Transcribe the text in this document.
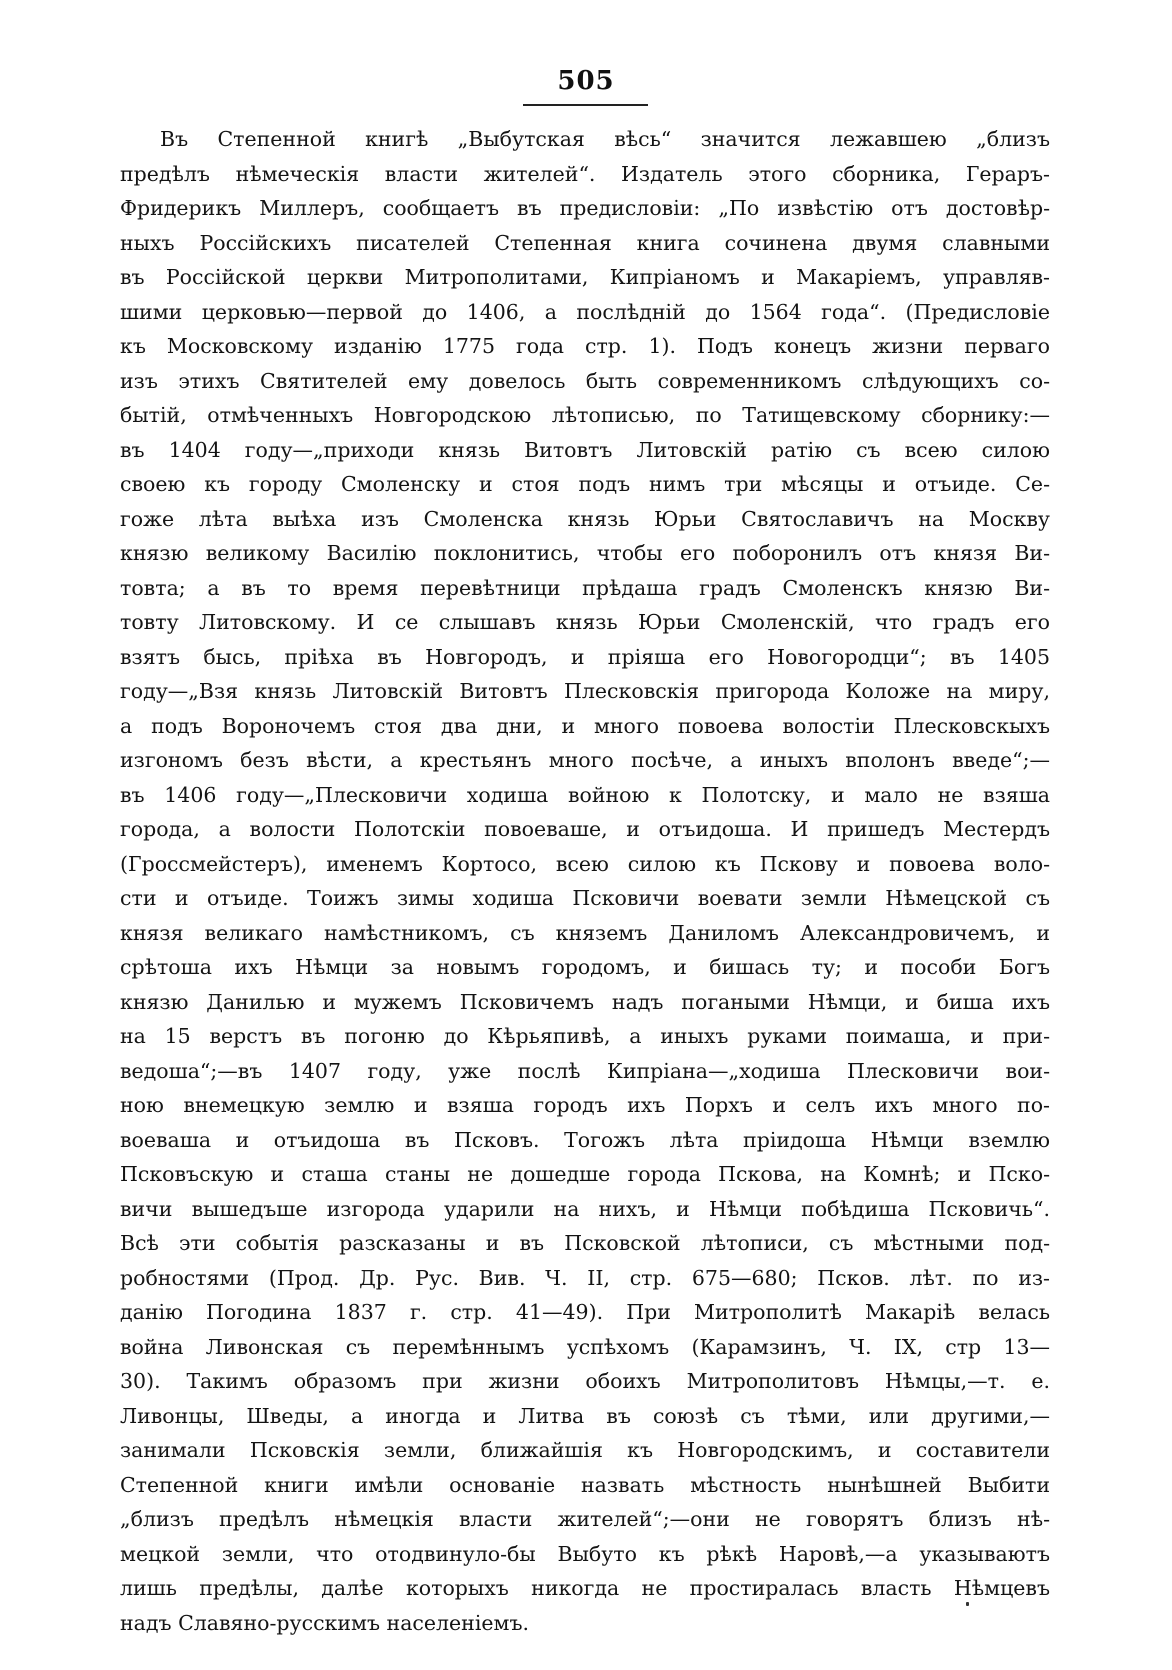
505
Въ Степенной книгѣ „Выбутская вѣсь“ значится лежавшею „близъ
предѣлъ нѣмеческія власти жителей“. Издатель этого сборника, Гераръ-
Фридерикъ Миллеръ, сообщаетъ въ предисловіи: „По извѣстію отъ достовѣр-
ныхъ Россійскихъ писателей Степенная книга сочинена двумя славными
въ Россійской церкви Митрополитами, Кипріаномъ и Макаріемъ, управляв-
шими церковью—первой до 1406, а послѣдній до 1564 года“. (Предисловіе
къ Московскому изданію 1775 года стр. 1). Подъ конецъ жизни перваго
изъ этихъ Святителей ему довелось быть современникомъ слѣдующихъ со-
бытій, отмѣченныхъ Новгородскою лѣтописью, по Татищевскому сборнику:—
въ 1404 году—„приходи князь Витовтъ Литовскій ратію съ всею силою
своею къ городу Смоленску и стоя подъ нимъ три мѣсяцы и отъиде. Се-
гоже лѣта выѣха изъ Смоленска князь Юрьи Святославичъ на Москву
князю великому Василію поклонитись, чтобы его поборонилъ отъ князя Ви-
товта; а въ то время перевѣтници прѣдаша градъ Смоленскъ князю Ви-
товту Литовскому. И се слышавъ князь Юрьи Смоленскій, что градъ его
взятъ бысь, пріѣха въ Новгородъ, и пріяша его Новогородци“; въ 1405
году—„Взя князь Литовскій Витовтъ Плесковскія пригорода Коложе на миру,
а подъ Вороночемъ стоя два дни, и много повоева волостіи Плесковскыхъ
изгономъ безъ вѣсти, а крестьянъ много посѣче, а иныхъ вполонъ введе“;—
въ 1406 году—„Плесковичи ходиша войною к Полотску, и мало не взяша
города, а волости Полотскіи повоеваше, и отъидоша. И пришедъ Местердъ
(Гроссмейстеръ), именемъ Кортосо, всею силою къ Пскову и повоева воло-
сти и отъиде. Тоижъ зимы ходиша Псковичи воевати земли Нѣмецской съ
князя великаго намѣстникомъ, съ княземъ Даниломъ Александровичемъ, и
срѣтоша ихъ Нѣмци за новымъ городомъ, и бишась ту; и пособи Богъ
князю Данилью и мужемъ Псковичемъ надъ погаными Нѣмци, и биша ихъ
на 15 верстъ въ погоню до Кѣрьяпивѣ, а иныхъ руками поимаша, и при-
ведоша“;—въ 1407 году, уже послѣ Кипріана—„ходиша Плесковичи вои-
ною внемецкую землю и взяша городъ ихъ Порхъ и селъ ихъ много по-
воеваша и отъидоша въ Псковъ. Тогожъ лѣта пріидоша Нѣмци вземлю
Псковъскую и сташа станы не дошедше города Пскова, на Комнѣ; и Пско-
вичи вышедъше изгорода ударили на нихъ, и Нѣмци побѣдиша Псковичь“.
Всѣ эти событія разсказаны и въ Псковской лѣтописи, съ мѣстными под-
робностями (Прод. Др. Рус. Вив. Ч. II, стр. 675—680; Псков. лѣт. по из-
данію Погодина 1837 г. стр. 41—49). При Митрополитѣ Макаріѣ велась
война Ливонская съ перемѣннымъ успѣхомъ (Карамзинъ, Ч. IX, стр 13—
30). Такимъ образомъ при жизни обоихъ Митрополитовъ Нѣмцы,—т. е.
Ливонцы, Шведы, а иногда и Литва въ союзѣ съ тѣми, или другими,—
занимали Псковскія земли, ближайшія къ Новгородскимъ, и составители
Степенной книги имѣли основаніе назвать мѣстность нынѣшней Выбити
„близъ предѣлъ нѣмецкія власти жителей“;—они не говорятъ близъ нѣ-
мецкой земли, что отодвинуло-бы Выбуто къ рѣкѣ Наровѣ,—а указываютъ
лишь предѣлы, далѣе которыхъ никогда не простиралась власть Нѣмцевъ
надъ Славяно-русскимъ населеніемъ.
